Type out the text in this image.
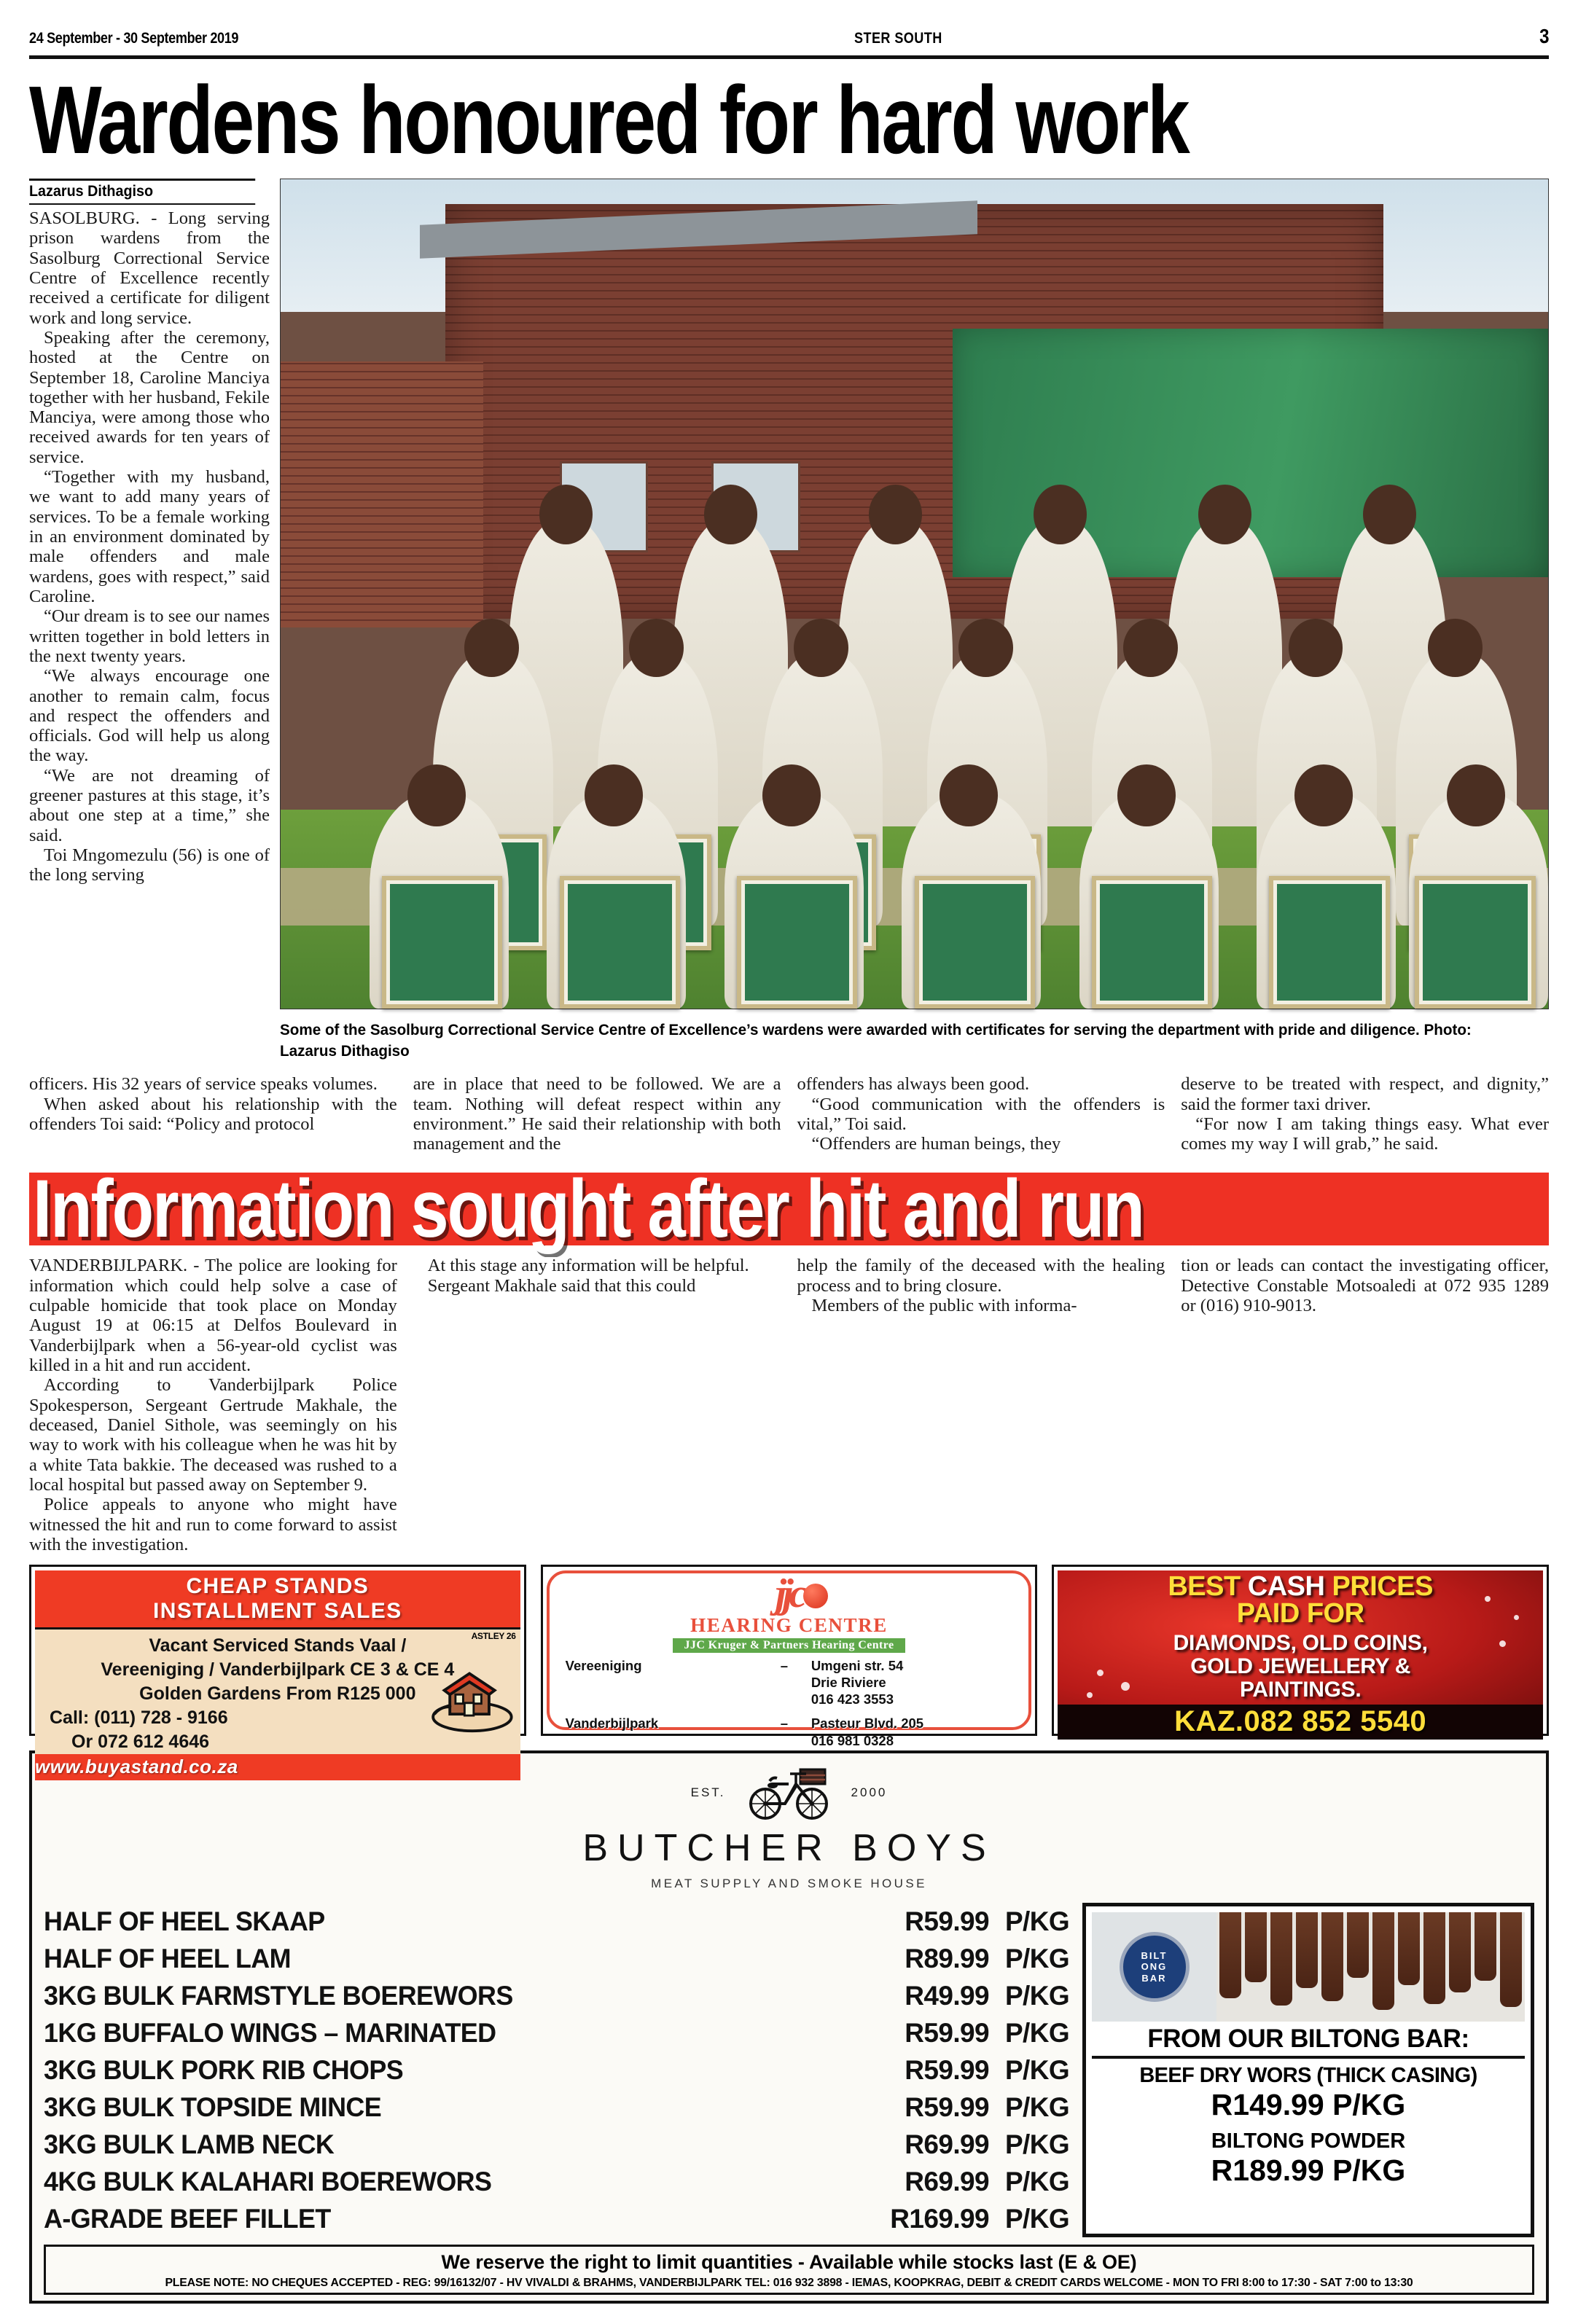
24 September - 30 September 2019	STER SOUTH	3
Wardens honoured for hard work
Lazarus Dithagiso

SASOLBURG. - Long serving prison wardens from the Sasolburg Correctional Service Centre of Excellence recently received a certificate for diligent work and long service.

Speaking after the ceremony, hosted at the Centre on September 18, Caroline Manciya together with her husband, Fekile Manciya, were among those who received awards for ten years of service.

“Together with my husband, we want to add many years of services. To be a female working in an environment dominated by male offenders and male wardens, goes with respect,” said Caroline.

“Our dream is to see our names written together in bold letters in the next twenty years.

“We always encourage one another to remain calm, focus and respect the offenders and officials. God will help us along the way.

“We are not dreaming of greener pastures at this stage, it’s about one step at a time,” she said.

Toi Mngomezulu (56) is one of the long serving

Some of the Sasolburg Correctional Service Centre of Excellence’s wardens were awarded with certificates for serving the department with pride and diligence. Photo: Lazarus Dithagiso

officers. His 32 years of service speaks volumes.

When asked about his relationship with the offenders Toi said: “Policy and protocol

are in place that need to be followed. We are a team. Nothing will defeat respect within any environment.” He said their relationship with both management and the

offenders has always been good.

“Good communication with the offenders is vital,” Toi said.

“Offenders are human beings, they

deserve to be treated with respect, and dignity,” said the former taxi driver.

“For now I am taking things easy. What ever comes my way I will grab,” he said.

Information sought after hit and run

VANDERBIJLPARK. - The police are looking for information which could help solve a case of culpable homicide that took place on Monday August 19 at 06:15 at Delfos Boulevard in Vanderbijlpark when a 56-year-old cyclist was killed in a hit and run accident.

According to Vanderbijlpark Police Spokesperson, Sergeant Gertrude Makhale, the deceased, Daniel Sithole, was seemingly on his way to work with his colleague when he was hit by a white Tata bakkie. The deceased was rushed to a local hospital but passed away on September 9.

Police appeals to anyone who might have witnessed the hit and run to come forward to assist with the investigation.

At this stage any information will be helpful.

Sergeant Makhale said that this could

help the family of the deceased with the healing process and to bring closure.

Members of the public with informa-

tion or leads can contact the investigating officer, Detective Constable Motsoaledi at 072 935 1289 or (016) 910-9013.

CHEAP STANDS
INSTALLMENT SALES
ASTLEY 26
Vacant Serviced Stands Vaal /
Vereeniging / Vanderbijlpark CE 3 & CE 4
Golden Gardens From R125 000
Call: (011) 728 - 9166
Or 072 612 4646
www.buyastand.co.za
jjc
HEARING CENTRE
JJC Kruger & Partners Hearing Centre
Vereeniging	–	Umgeni str. 54
Drie Riviere
016 423 3553

Vanderbijlpark	–	Pasteur Blvd. 205
016 981 0328
BEST CASH PRICES
PAID FOR
DIAMONDS, OLD COINS,
GOLD JEWELLERY &
PAINTINGS.
KAZ.082 852 5540
EST.	2000
BUTCHER BOYS
MEAT SUPPLY AND SMOKE HOUSE
HALF OF HEEL SKAAP	R59.99 P/KG
HALF OF HEEL LAM	R89.99 P/KG
3KG BULK FARMSTYLE BOEREWORS	R49.99 P/KG
1KG BUFFALO WINGS – MARINATED	R59.99 P/KG
3KG BULK PORK RIB CHOPS	R59.99 P/KG
3KG BULK TOPSIDE MINCE	R59.99 P/KG
3KG BULK LAMB NECK	R69.99 P/KG
4KG BULK KALAHARI BOEREWORS	R69.99 P/KG
A-GRADE BEEF FILLET	R169.99 P/KG
BILT
ONG
BAR
FROM OUR BILTONG BAR:
BEEF DRY WORS (THICK CASING)
R149.99 P/KG
BILTONG POWDER
R189.99 P/KG
We reserve the right to limit quantities - Available while stocks last (E & OE)
PLEASE NOTE: NO CHEQUES ACCEPTED - REG: 99/16132/07 - HV VIVALDI & BRAHMS, VANDERBIJLPARK TEL: 016 932 3898 - IEMAS, KOOPKRAG, DEBIT & CREDIT CARDS WELCOME - MON TO FRI 8:00 to 17:30 - SAT 7:00 to 13:30
